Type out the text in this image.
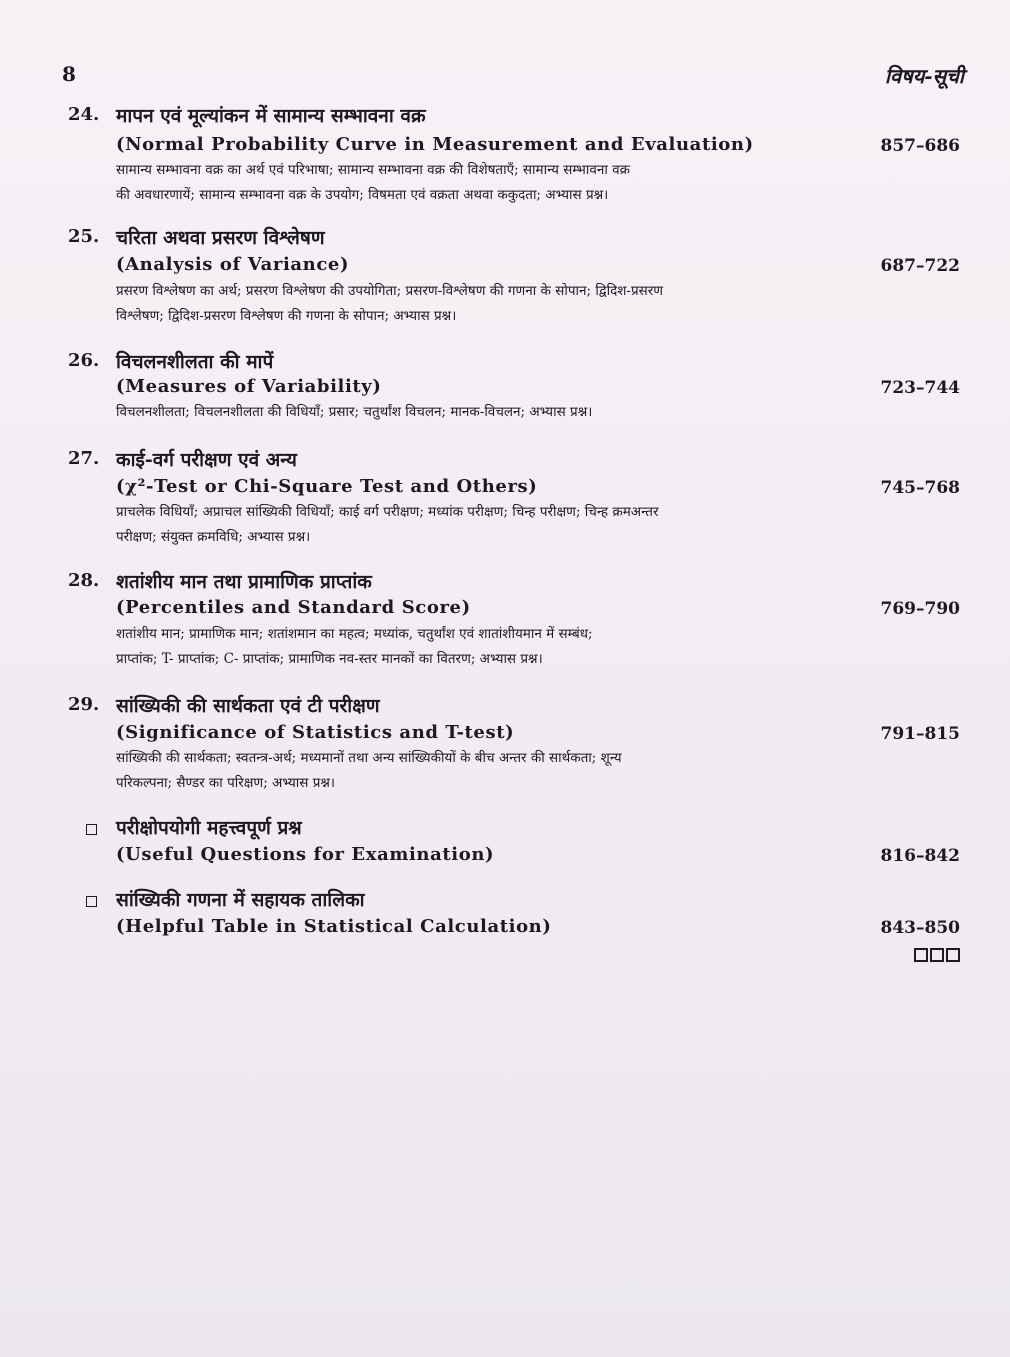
8	विषय-सूची
24. मापन एवं मूल्यांकन में सामान्य सम्भावना वक्र
(Normal Probability Curve in Measurement and Evaluation)	857–686
सामान्य सम्भावना वक्र का अर्थ एवं परिभाषा; सामान्य सम्भावना वक्र की विशेषताएँ; सामान्य सम्भावना वक्र
की अवधारणायें; सामान्य सम्भावना वक्र के उपयोग; विषमता एवं वक्रता अथवा ककुदता; अभ्यास प्रश्न।
25. चरिता अथवा प्रसरण विश्लेषण
(Analysis of Variance)	687–722
प्रसरण विश्लेषण का अर्थ; प्रसरण विश्लेषण की उपयोगिता; प्रसरण-विश्लेषण की गणना के सोपान; द्विदिश-प्रसरण
विश्लेषण; द्विदिश-प्रसरण विश्लेषण की गणना के सोपान; अभ्यास प्रश्न।
26. विचलनशीलता की मापें
(Measures of Variability)	723–744
विचलनशीलता; विचलनशीलता की विधियाँ; प्रसार; चतुर्थांश विचलन; मानक-विचलन; अभ्यास प्रश्न।
27. काई-वर्ग परीक्षण एवं अन्य
(χ²-Test or Chi-Square Test and Others)	745–768
प्राचलेक विधियाँ; अप्राचल सांख्यिकी विधियाँ; काई वर्ग परीक्षण; मध्यांक परीक्षण; चिन्ह परीक्षण; चिन्ह क्रमअन्तर
परीक्षण; संयुक्त क्रमविधि; अभ्यास प्रश्न।
28. शतांशीय मान तथा प्रामाणिक प्राप्तांक
(Percentiles and Standard Score)	769–790
शतांशीय मान; प्रामाणिक मान; शतांशमान का महत्व; मध्यांक, चतुर्थांश एवं शातांशीयमान में सम्बंध;
प्राप्तांक; T- प्राप्तांक; C- प्राप्तांक; प्रामाणिक नव-स्तर मानकों का वितरण; अभ्यास प्रश्न।
29. सांख्यिकी की सार्थकता एवं टी परीक्षण
(Significance of Statistics and T-test)	791–815
सांख्यिकी की सार्थकता; स्वतन्त्र-अर्थ; मध्यमानों तथा अन्य सांख्यिकीयों के बीच अन्तर की सार्थकता; शून्य
परिकल्पना; सैण्डर का परिक्षण; अभ्यास प्रश्न।
परीक्षोपयोगी महत्त्वपूर्ण प्रश्न
(Useful Questions for Examination)	816–842
सांख्यिकी गणना में सहायक तालिका
(Helpful Table in Statistical Calculation)	843–850
